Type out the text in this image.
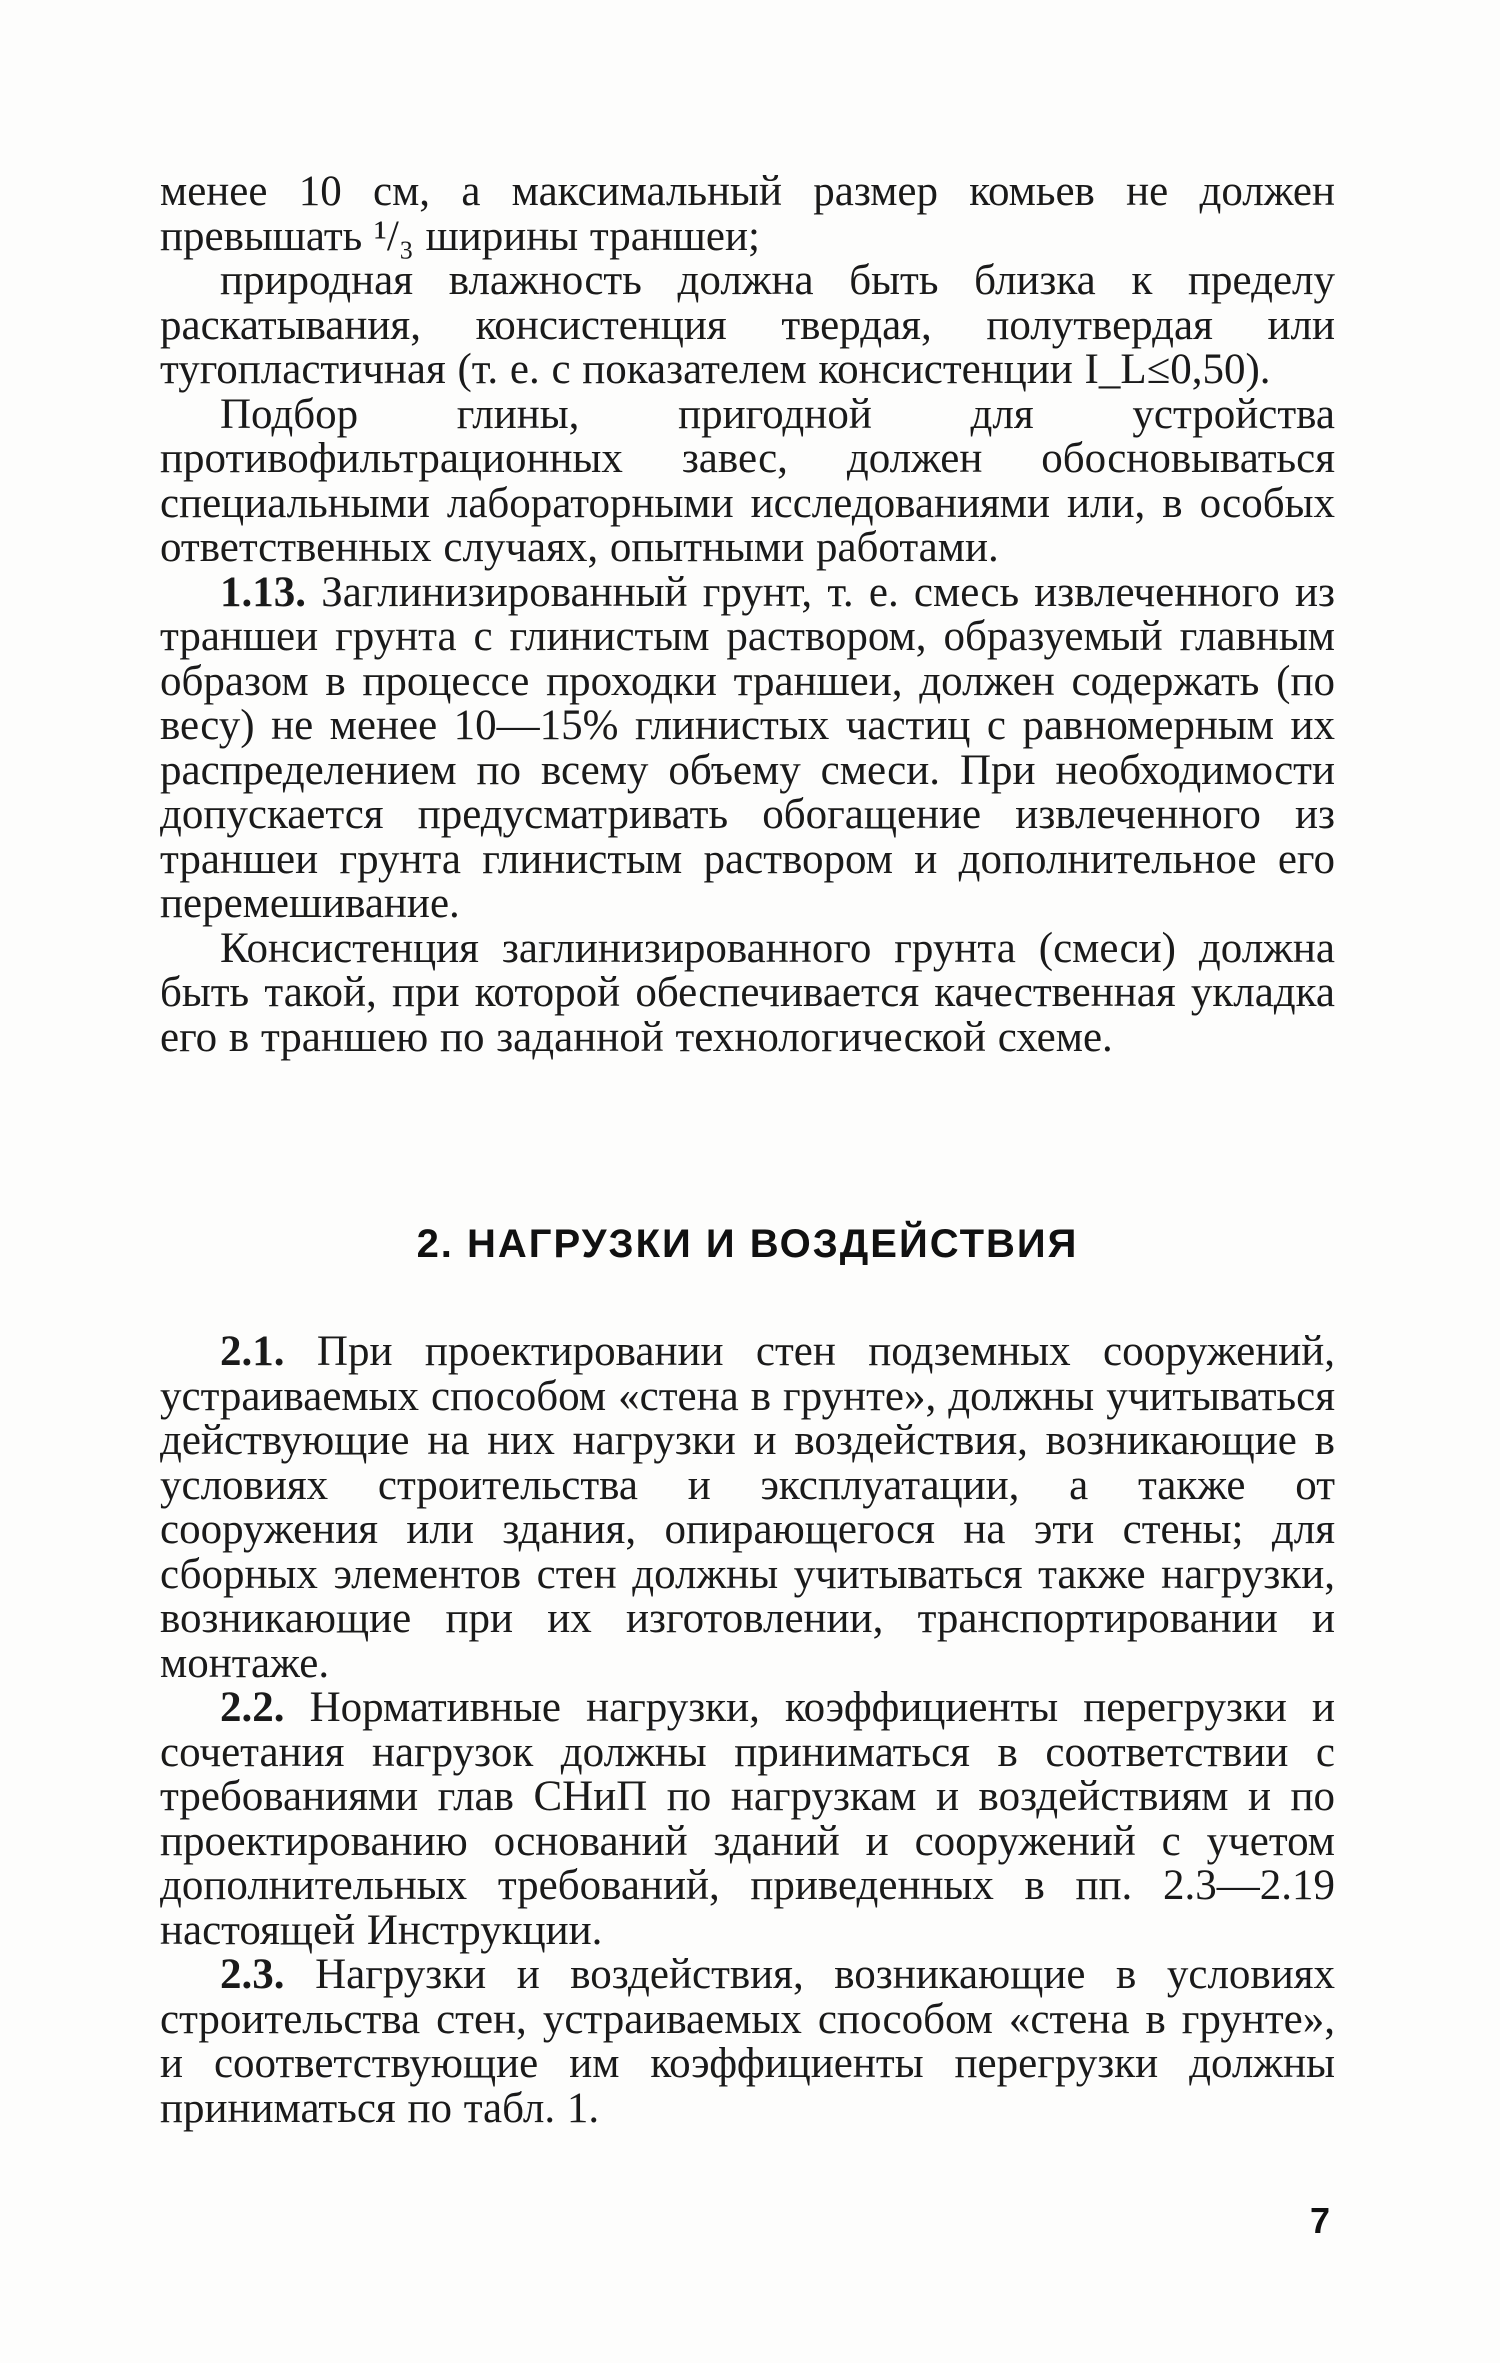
менее 10 см, а максимальный размер комьев не должен превышать ¹/₃ ширины траншеи;

природная влажность должна быть близка к пределу раскатывания, консистенция твердая, полутвердая или тугопластичная (т. е. с показателем консистенции I_L≤0,50).

Подбор глины, пригодной для устройства противофильтрационных завес, должен обосновываться специальными лабораторными исследованиями или, в особых ответственных случаях, опытными работами.

1.13. Заглинизированный грунт, т. е. смесь извлеченного из траншеи грунта с глинистым раствором, образуемый главным образом в процессе проходки траншеи, должен содержать (по весу) не менее 10—15% глинистых частиц с равномерным их распределением по всему объему смеси. При необходимости допускается предусматривать обогащение извлеченного из траншеи грунта глинистым раствором и дополнительное его перемешивание.

Консистенция заглинизированного грунта (смеси) должна быть такой, при которой обеспечивается качественная укладка его в траншею по заданной технологической схеме.

2. НАГРУЗКИ И ВОЗДЕЙСТВИЯ

2.1. При проектировании стен подземных сооружений, устраиваемых способом «стена в грунте», должны учитываться действующие на них нагрузки и воздействия, возникающие в условиях строительства и эксплуатации, а также от сооружения или здания, опирающегося на эти стены; для сборных элементов стен должны учитываться также нагрузки, возникающие при их изготовлении, транспортировании и монтаже.

2.2. Нормативные нагрузки, коэффициенты перегрузки и сочетания нагрузок должны приниматься в соответствии с требованиями глав СНиП по нагрузкам и воздействиям и по проектированию оснований зданий и сооружений с учетом дополнительных требований, приведенных в пп. 2.3—2.19 настоящей Инструкции.

2.3. Нагрузки и воздействия, возникающие в условиях строительства стен, устраиваемых способом «стена в грунте», и соответствующие им коэффициенты перегрузки должны приниматься по табл. 1.

7
